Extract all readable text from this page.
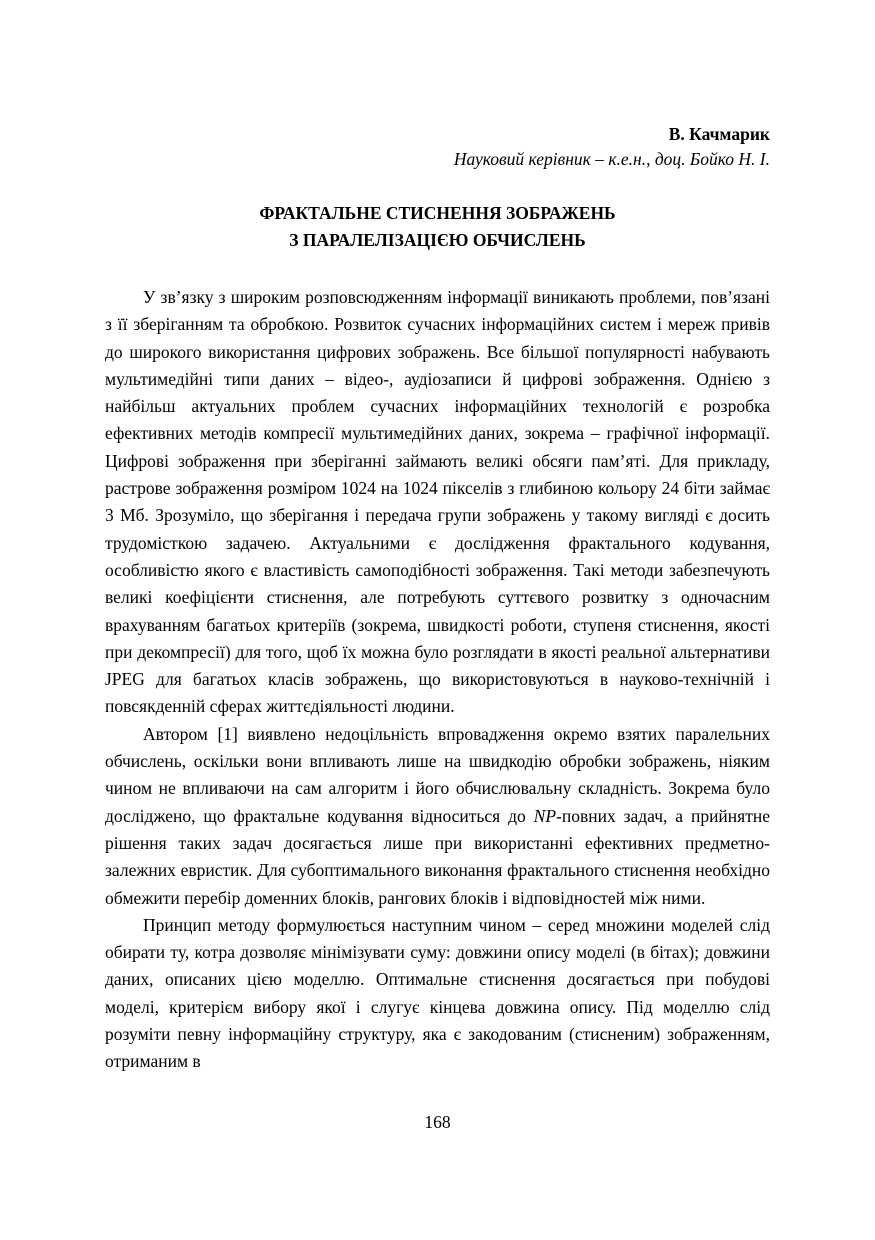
В. Качмарик
Науковий керівник – к.е.н., доц. Бойко Н. І.
ФРАКТАЛЬНЕ СТИСНЕННЯ ЗОБРАЖЕНЬ
З ПАРАЛЕЛІЗАЦІЄЮ ОБЧИСЛЕНЬ

У зв’язку з широким розповсюдженням інформації виникають проблеми, пов’язані з її зберіганням та обробкою. Розвиток сучасних інформаційних систем і мереж привів до широкого використання цифрових зображень. Все більшої популярності набувають мультимедійні типи даних – відео-, аудіозаписи й цифрові зображення. Однією з найбільш актуальних проблем сучасних інформаційних технологій є розробка ефективних методів компресії мультимедійних даних, зокрема – графічної інформації. Цифрові зображення при зберіганні займають великі обсяги пам’яті. Для прикладу, растрове зображення розміром 1024 на 1024 пікселів з глибиною кольору 24 біти займає 3 Мб. Зрозуміло, що зберігання і передача групи зображень у такому вигляді є досить трудомісткою задачею. Актуальними є дослідження фрактального кодування, особливістю якого є властивість самоподібності зображення. Такі методи забезпечують великі коефіцієнти стиснення, але потребують суттєвого розвитку з одночасним врахуванням багатьох критеріїв (зокрема, швидкості роботи, ступеня стиснення, якості при декомпресії) для того, щоб їх можна було розглядати в якості реальної альтернативи JPEG для багатьох класів зображень, що використовуються в науково-технічній і повсякденній сферах життєдіяльності людини.

Автором [1] виявлено недоцільність впровадження окремо взятих паралельних обчислень, оскільки вони впливають лише на швидкодію обробки зображень, ніяким чином не впливаючи на сам алгоритм і його обчислювальну складність. Зокрема було досліджено, що фрактальне кодування відноситься до NP-повних задач, а прийнятне рішення таких задач досягається лише при використанні ефективних предметно-залежних евристик. Для субоптимального виконання фрактального стиснення необхідно обмежити перебір доменних блоків, рангових блоків і відповідностей між ними.

Принцип методу формулюється наступним чином – серед множини моделей слід обирати ту, котра дозволяє мінімізувати суму: довжини опису моделі (в бітах); довжини даних, описаних цією моделлю. Оптимальне стиснення досягається при побудові моделі, критерієм вибору якої і слугує кінцева довжина опису. Під моделлю слід розуміти певну інформаційну структуру, яка є закодованим (стисненим) зображенням, отриманим в

168
